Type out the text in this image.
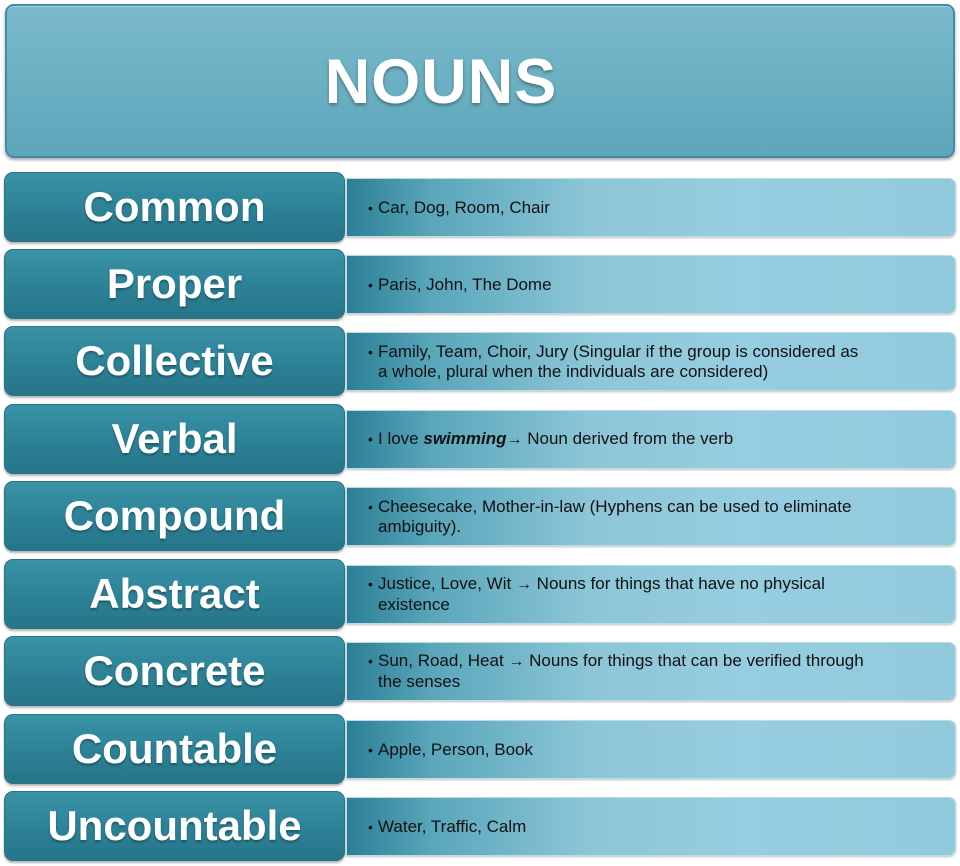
NOUNS
Common	• Car, Dog, Room, Chair
Proper	• Paris, John, The Dome
Collective	• Family, Team, Choir, Jury (Singular if the group is considered as
a whole, plural when the individuals are considered)
Verbal	• I love swimming→ Noun derived from the verb
Compound	• Cheesecake, Mother-in-law (Hyphens can be used to eliminate
ambiguity).
Abstract	• Justice, Love, Wit → Nouns for things that have no physical
existence
Concrete	• Sun, Road, Heat → Nouns for things that can be verified through
the senses
Countable	• Apple, Person, Book
Uncountable	• Water, Traffic, Calm
